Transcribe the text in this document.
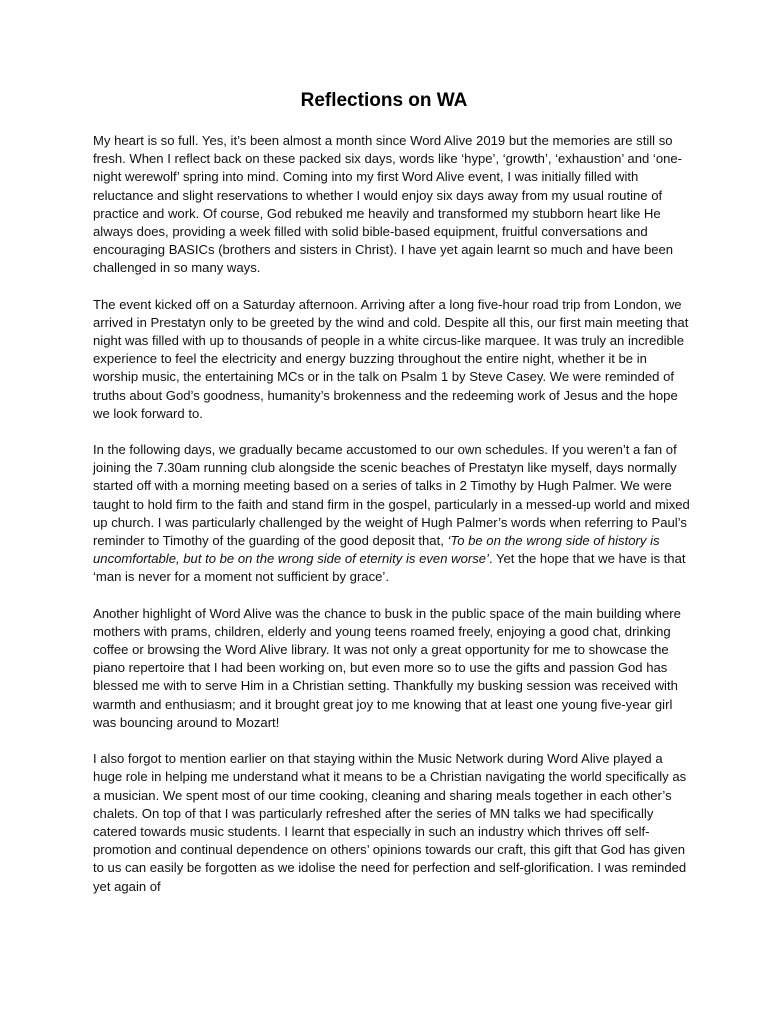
Reflections on WA

My heart is so full. Yes, it’s been almost a month since Word Alive 2019 but the memories are still so fresh. When I reflect back on these packed six days, words like ‘hype’, ‘growth’, ‘exhaustion’ and ‘one-night werewolf’ spring into mind. Coming into my first Word Alive event, I was initially filled with reluctance and slight reservations to whether I would enjoy six days away from my usual routine of practice and work. Of course, God rebuked me heavily and transformed my stubborn heart like He always does, providing a week filled with solid bible-based equipment, fruitful conversations and encouraging BASICs (brothers and sisters in Christ). I have yet again learnt so much and have been challenged in so many ways.

The event kicked off on a Saturday afternoon. Arriving after a long five-hour road trip from London, we arrived in Prestatyn only to be greeted by the wind and cold. Despite all this, our first main meeting that night was filled with up to thousands of people in a white circus-like marquee. It was truly an incredible experience to feel the electricity and energy buzzing throughout the entire night, whether it be in worship music, the entertaining MCs or in the talk on Psalm 1 by Steve Casey. We were reminded of truths about God’s goodness, humanity’s brokenness and the redeeming work of Jesus and the hope we look forward to.

In the following days, we gradually became accustomed to our own schedules. If you weren’t a fan of joining the 7.30am running club alongside the scenic beaches of Prestatyn like myself, days normally started off with a morning meeting based on a series of talks in 2 Timothy by Hugh Palmer. We were taught to hold firm to the faith and stand firm in the gospel, particularly in a messed-up world and mixed up church. I was particularly challenged by the weight of Hugh Palmer’s words when referring to Paul’s reminder to Timothy of the guarding of the good deposit that, ‘To be on the wrong side of history is uncomfortable, but to be on the wrong side of eternity is even worse’. Yet the hope that we have is that ‘man is never for a moment not sufficient by grace’.

Another highlight of Word Alive was the chance to busk in the public space of the main building where mothers with prams, children, elderly and young teens roamed freely, enjoying a good chat, drinking coffee or browsing the Word Alive library. It was not only a great opportunity for me to showcase the piano repertoire that I had been working on, but even more so to use the gifts and passion God has blessed me with to serve Him in a Christian setting. Thankfully my busking session was received with warmth and enthusiasm; and it brought great joy to me knowing that at least one young five-year girl was bouncing around to Mozart!

I also forgot to mention earlier on that staying within the Music Network during Word Alive played a huge role in helping me understand what it means to be a Christian navigating the world specifically as a musician. We spent most of our time cooking, cleaning and sharing meals together in each other’s chalets. On top of that I was particularly refreshed after the series of MN talks we had specifically catered towards music students. I learnt that especially in such an industry which thrives off self-promotion and continual dependence on others’ opinions towards our craft, this gift that God has given to us can easily be forgotten as we idolise the need for perfection and self-glorification. I was reminded yet again of
